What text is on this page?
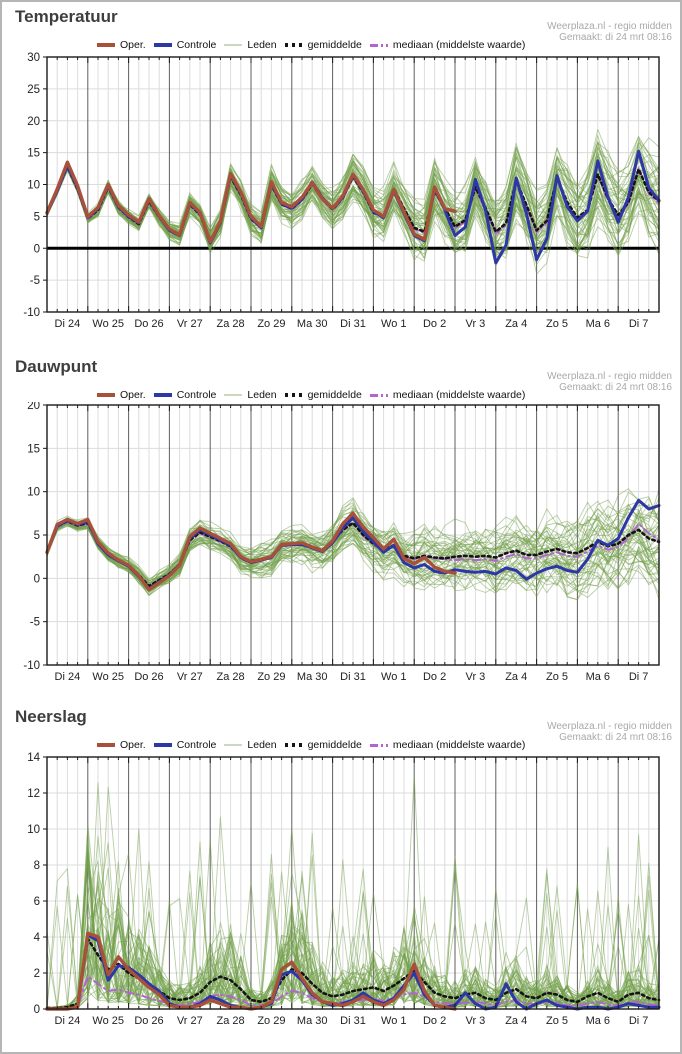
Temperatuur
Weerplaza.nl - regio midden
Gemaakt: di 24 mrt 08:16
Oper.	Controle	Leden	gemiddelde	mediaan (middelste waarde)
-10
-5
0
5
10
15
20
25
30
Di 24 Wo 25 Do 26 Vr 27 Za 28 Zo 29 Ma 30 Di 31 Wo 1 Do 2 Vr 3 Za 4 Zo 5 Ma 6 Di 7
Dauwpunt
Weerplaza.nl - regio midden
Gemaakt: di 24 mrt 08:16
Oper.	Controle	Leden	gemiddelde	mediaan (middelste waarde)
-10
-5
0
5
10
15
20
Di 24 Wo 25 Do 26 Vr 27 Za 28 Zo 29 Ma 30 Di 31 Wo 1 Do 2 Vr 3 Za 4 Zo 5 Ma 6 Di 7
Neerslag
Weerplaza.nl - regio midden
Gemaakt: di 24 mrt 08:16
Oper.	Controle	Leden	gemiddelde	mediaan (middelste waarde)
0
2
4
6
8
10
12
14
Di 24 Wo 25 Do 26 Vr 27 Za 28 Zo 29 Ma 30 Di 31 Wo 1 Do 2 Vr 3 Za 4 Zo 5 Ma 6 Di 7
